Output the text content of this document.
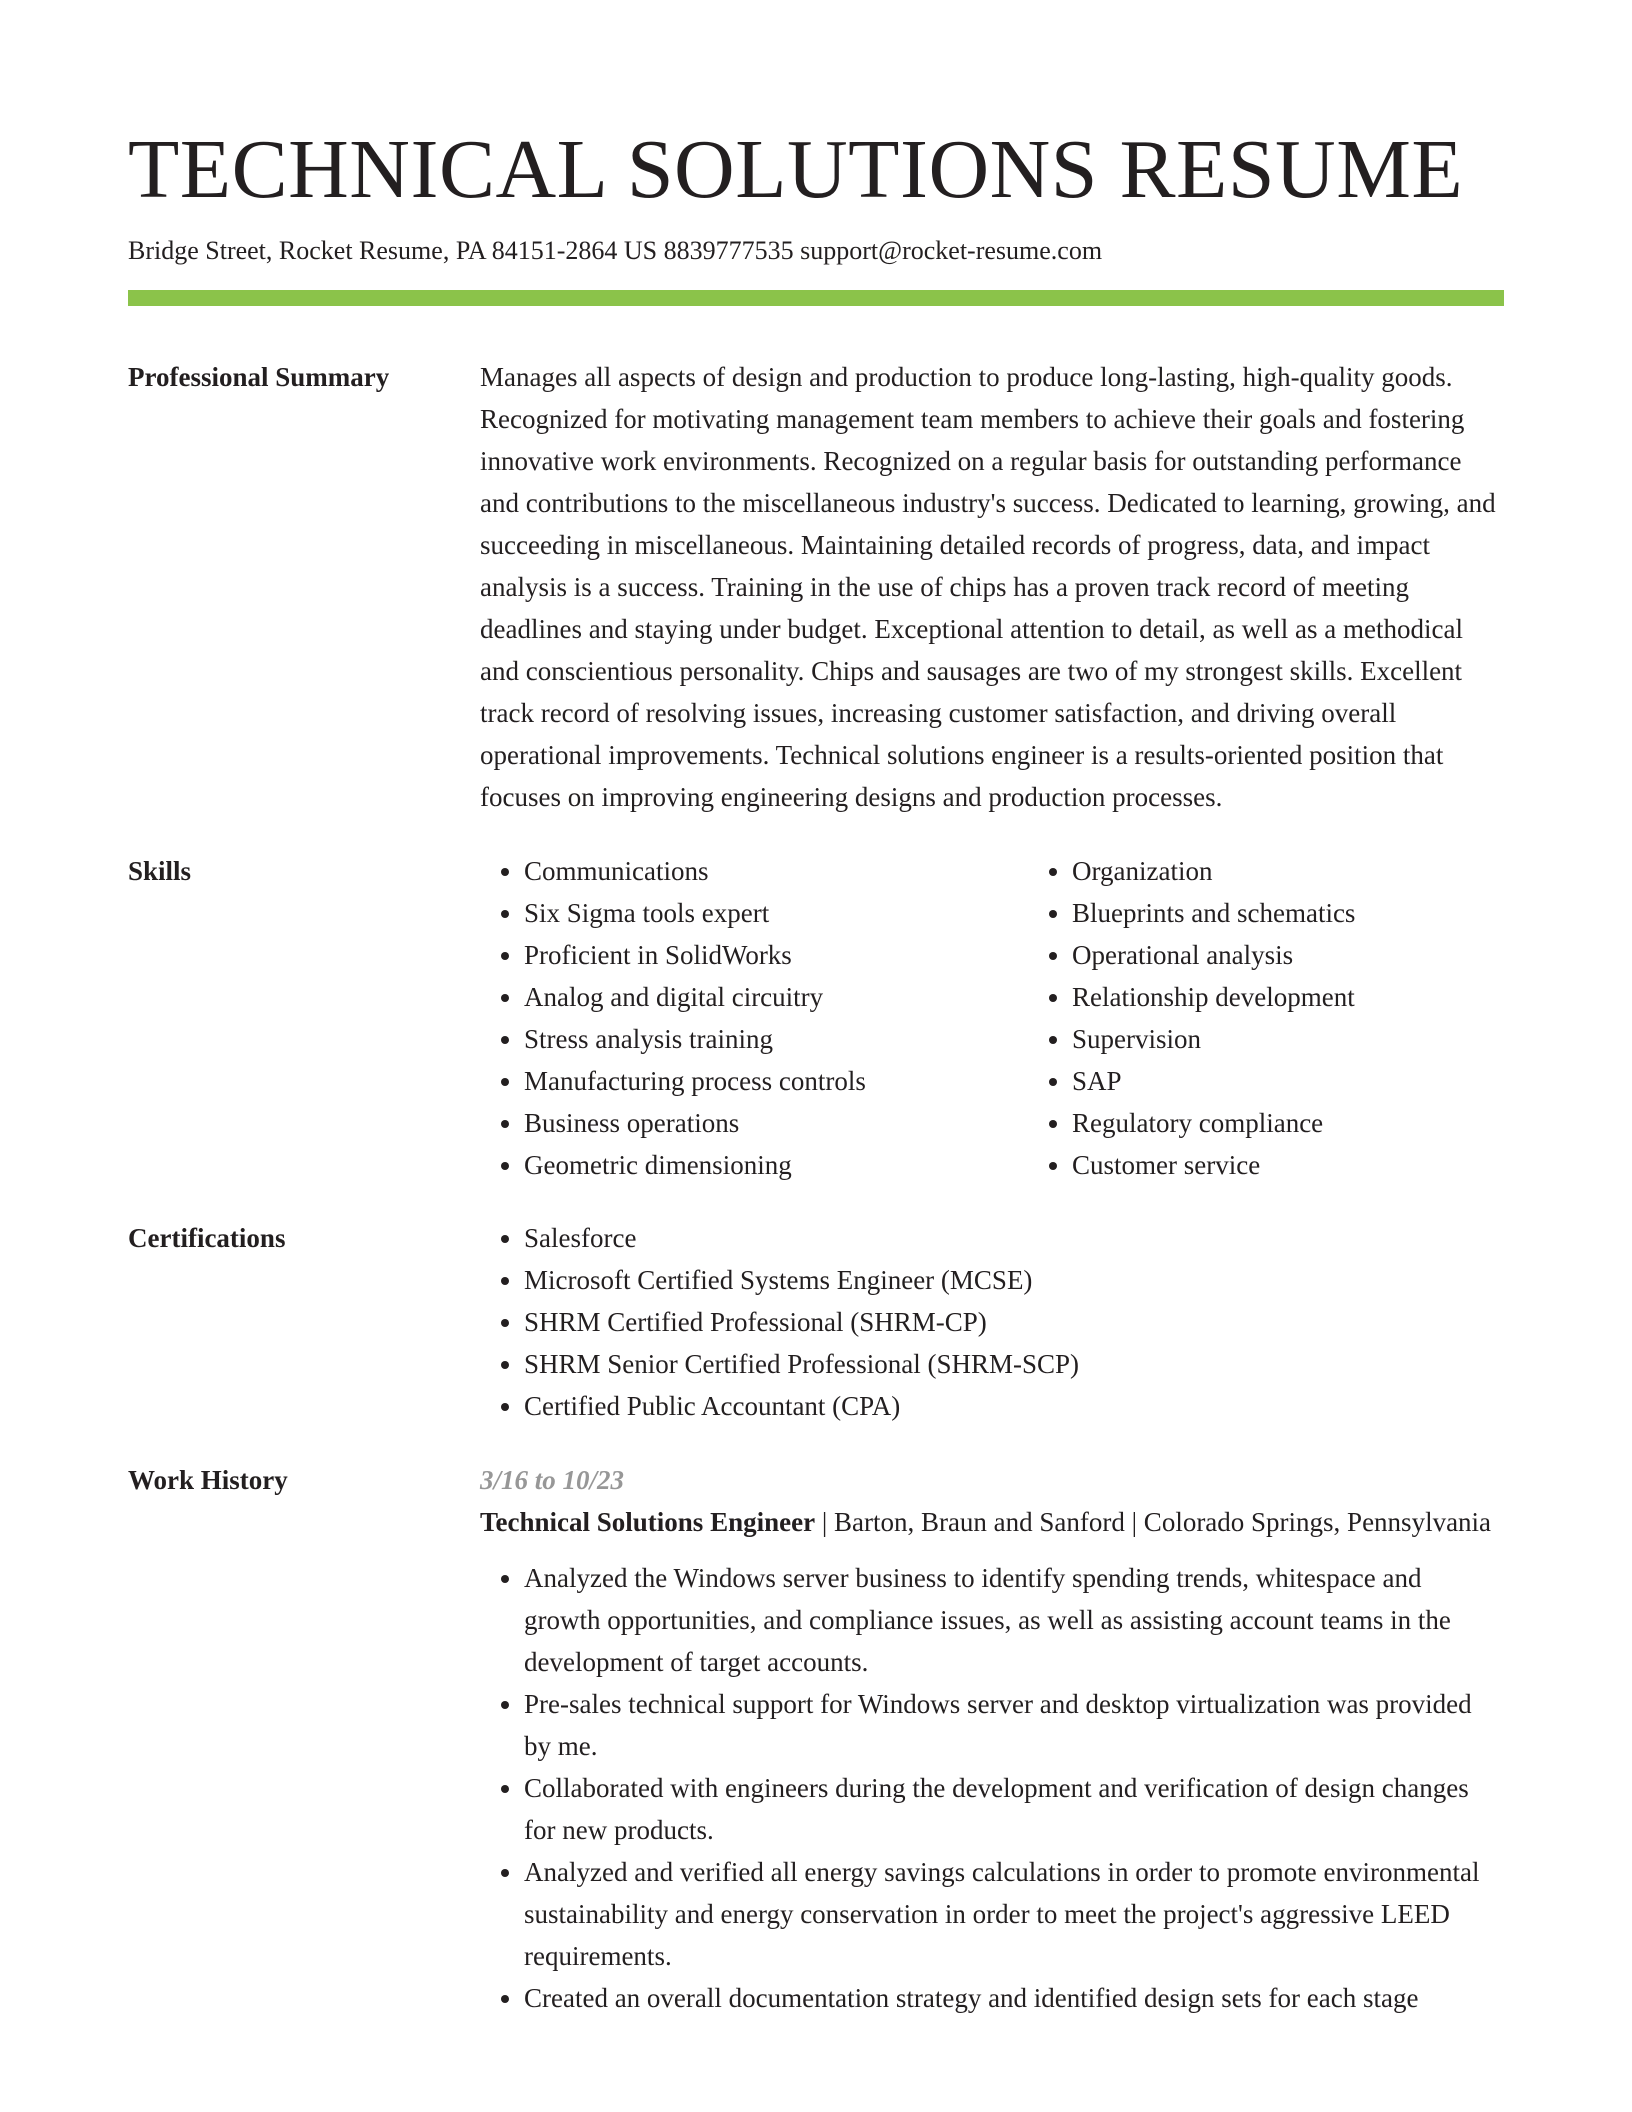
TECHNICAL SOLUTIONS RESUME
Bridge Street, Rocket Resume, PA 84151-2864 US 8839777535 support@rocket-resume.com
Professional Summary	Manages all aspects of design and production to produce long-lasting, high-quality goods. Recognized for motivating management team members to achieve their goals and fostering innovative work environments. Recognized on a regular basis for outstanding performance and contributions to the miscellaneous industry's success. Dedicated to learning, growing, and succeeding in miscellaneous. Maintaining detailed records of progress, data, and impact analysis is a success. Training in the use of chips has a proven track record of meeting deadlines and staying under budget. Exceptional attention to detail, as well as a methodical and conscientious personality. Chips and sausages are two of my strongest skills. Excellent track record of resolving issues, increasing customer satisfaction, and driving overall operational improvements. Technical solutions engineer is a results-oriented position that focuses on improving engineering designs and production processes.

Skills	• Communications
• Six Sigma tools expert
• Proficient in SolidWorks
• Analog and digital circuitry
• Stress analysis training
• Manufacturing process controls
• Business operations
• Geometric dimensioning
• Organization
• Blueprints and schematics
• Operational analysis
• Relationship development
• Supervision
• SAP
• Regulatory compliance
• Customer service
Certifications	• Salesforce
• Microsoft Certified Systems Engineer (MCSE)
• SHRM Certified Professional (SHRM-CP)
• SHRM Senior Certified Professional (SHRM-SCP)
• Certified Public Accountant (CPA)
Work History	3/16 to 10/23

Technical Solutions Engineer | Barton, Braun and Sanford | Colorado Springs, Pennsylvania

• Analyzed the Windows server business to identify spending trends, whitespace and growth opportunities, and compliance issues, as well as assisting account teams in the development of target accounts.
• Pre-sales technical support for Windows server and desktop virtualization was provided by me.
• Collaborated with engineers during the development and verification of design changes for new products.
• Analyzed and verified all energy savings calculations in order to promote environmental sustainability and energy conservation in order to meet the project's aggressive LEED requirements.
• Created an overall documentation strategy and identified design sets for each stage
